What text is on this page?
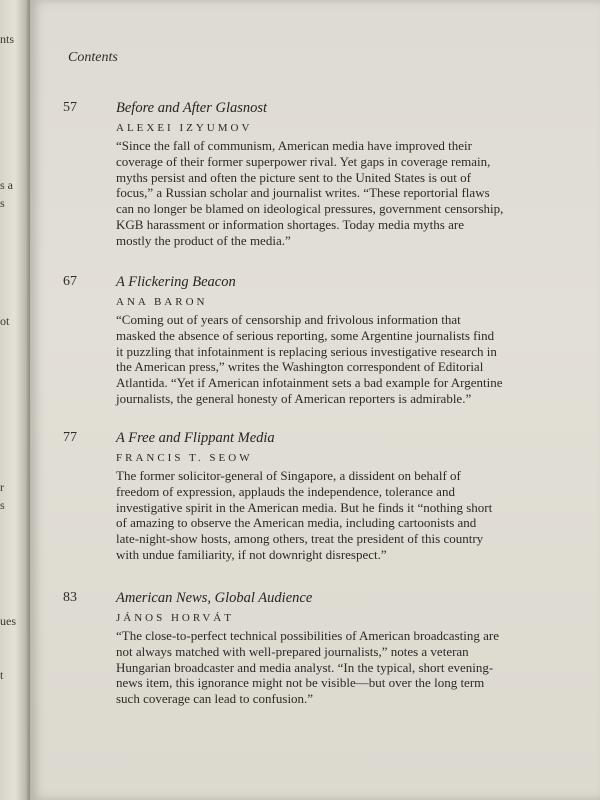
nts
s a
s
ot
r
s
ues
t
Contents
57	Before and After Glasnost
ALEXEI IZYUMOV
“Since the fall of communism, American media have improved their
coverage of their former superpower rival. Yet gaps in coverage remain,
myths persist and often the picture sent to the United States is out of
focus,” a Russian scholar and journalist writes. “These reportorial flaws
can no longer be blamed on ideological pressures, government censorship,
KGB harassment or information shortages. Today media myths are
mostly the product of the media.”
67	A Flickering Beacon
ANA BARON
“Coming out of years of censorship and frivolous information that
masked the absence of serious reporting, some Argentine journalists find
it puzzling that infotainment is replacing serious investigative research in
the American press,” writes the Washington correspondent of Editorial
Atlantida. “Yet if American infotainment sets a bad example for Argentine
journalists, the general honesty of American reporters is admirable.”
77	A Free and Flippant Media
FRANCIS T. SEOW
The former solicitor-general of Singapore, a dissident on behalf of
freedom of expression, applauds the independence, tolerance and
investigative spirit in the American media. But he finds it “nothing short
of amazing to observe the American media, including cartoonists and
late-night-show hosts, among others, treat the president of this country
with undue familiarity, if not downright disrespect.”
83	American News, Global Audience
JÁNOS HORVÁT
“The close-to-perfect technical possibilities of American broadcasting are
not always matched with well-prepared journalists,” notes a veteran
Hungarian broadcaster and media analyst. “In the typical, short evening-
news item, this ignorance might not be visible—but over the long term
such coverage can lead to confusion.”
